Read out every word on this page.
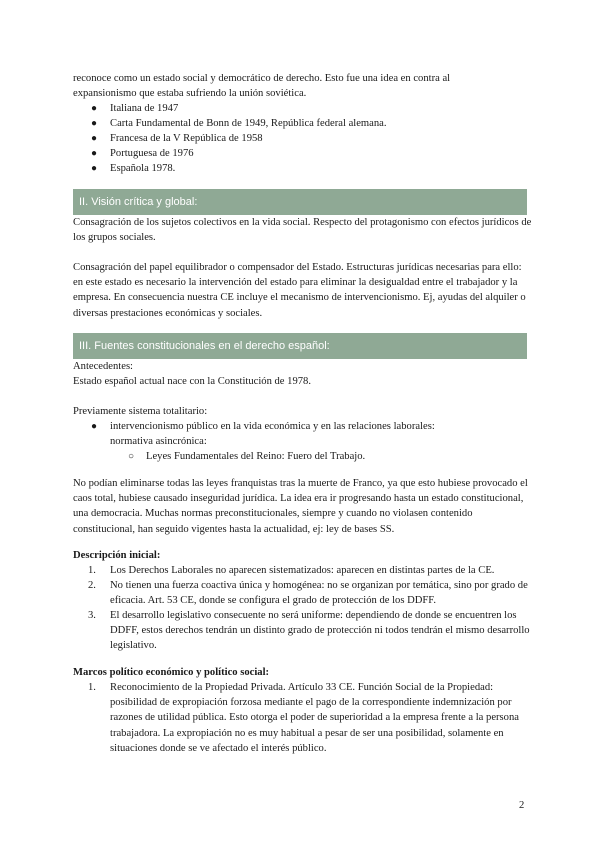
reconoce como un estado social y democrático de derecho. Esto fue una idea en contra al

expansionismo que estaba sufriendo la unión soviética.

● Italiana de 1947
● Carta Fundamental de Bonn de 1949, República federal alemana.
● Francesa de la V República de 1958
● Portuguesa de 1976
● Española 1978.
II. Visión crítica y global:

Consagración de los sujetos colectivos en la vida social. Respecto del protagonismo con efectos jurídicos de los grupos sociales.

Consagración del papel equilibrador o compensador del Estado. Estructuras jurídicas necesarias para ello: en este estado es necesario la intervención del estado para eliminar la desigualdad entre el trabajador y la empresa. En consecuencia nuestra CE incluye el mecanismo de intervencionismo. Ej, ayudas del alquiler o diversas prestaciones económicas y sociales.

III. Fuentes constitucionales en el derecho español:

Antecedentes:

Estado español actual nace con la Constitución de 1978.

Previamente sistema totalitario:

● intervencionismo público en la vida económica y en las relaciones laborales: normativa asincrónica:

○ Leyes Fundamentales del Reino: Fuero del Trabajo.

No podían eliminarse todas las leyes franquistas tras la muerte de Franco, ya que esto hubiese provocado el caos total, hubiese causado inseguridad jurídica. La idea era ir progresando hasta un estado constitucional, una democracia. Muchas normas preconstitucionales, siempre y cuando no violasen contenido constitucional, han seguido vigentes hasta la actualidad, ej: ley de bases SS.

Descripción inicial:

1. Los Derechos Laborales no aparecen sistematizados: aparecen en distintas partes de la CE.

2. No tienen una fuerza coactiva única y homogénea: no se organizan por temática, sino por grado de eficacia. Art. 53 CE, donde se configura el grado de protección de los DDFF.

3. El desarrollo legislativo consecuente no será uniforme: dependiendo de donde se encuentren los DDFF, estos derechos tendrán un distinto grado de protección ni todos tendrán el mismo desarrollo legislativo.

Marcos político económico y político social:

1. Reconocimiento de la Propiedad Privada. Artículo 33 CE. Función Social de la Propiedad: posibilidad de expropiación forzosa mediante el pago de la correspondiente indemnización por razones de utilidad pública. Esto otorga el poder de superioridad a la empresa frente a la persona trabajadora. La expropiación no es muy habitual a pesar de ser una posibilidad, solamente en situaciones donde se ve afectado el interés público.

2
